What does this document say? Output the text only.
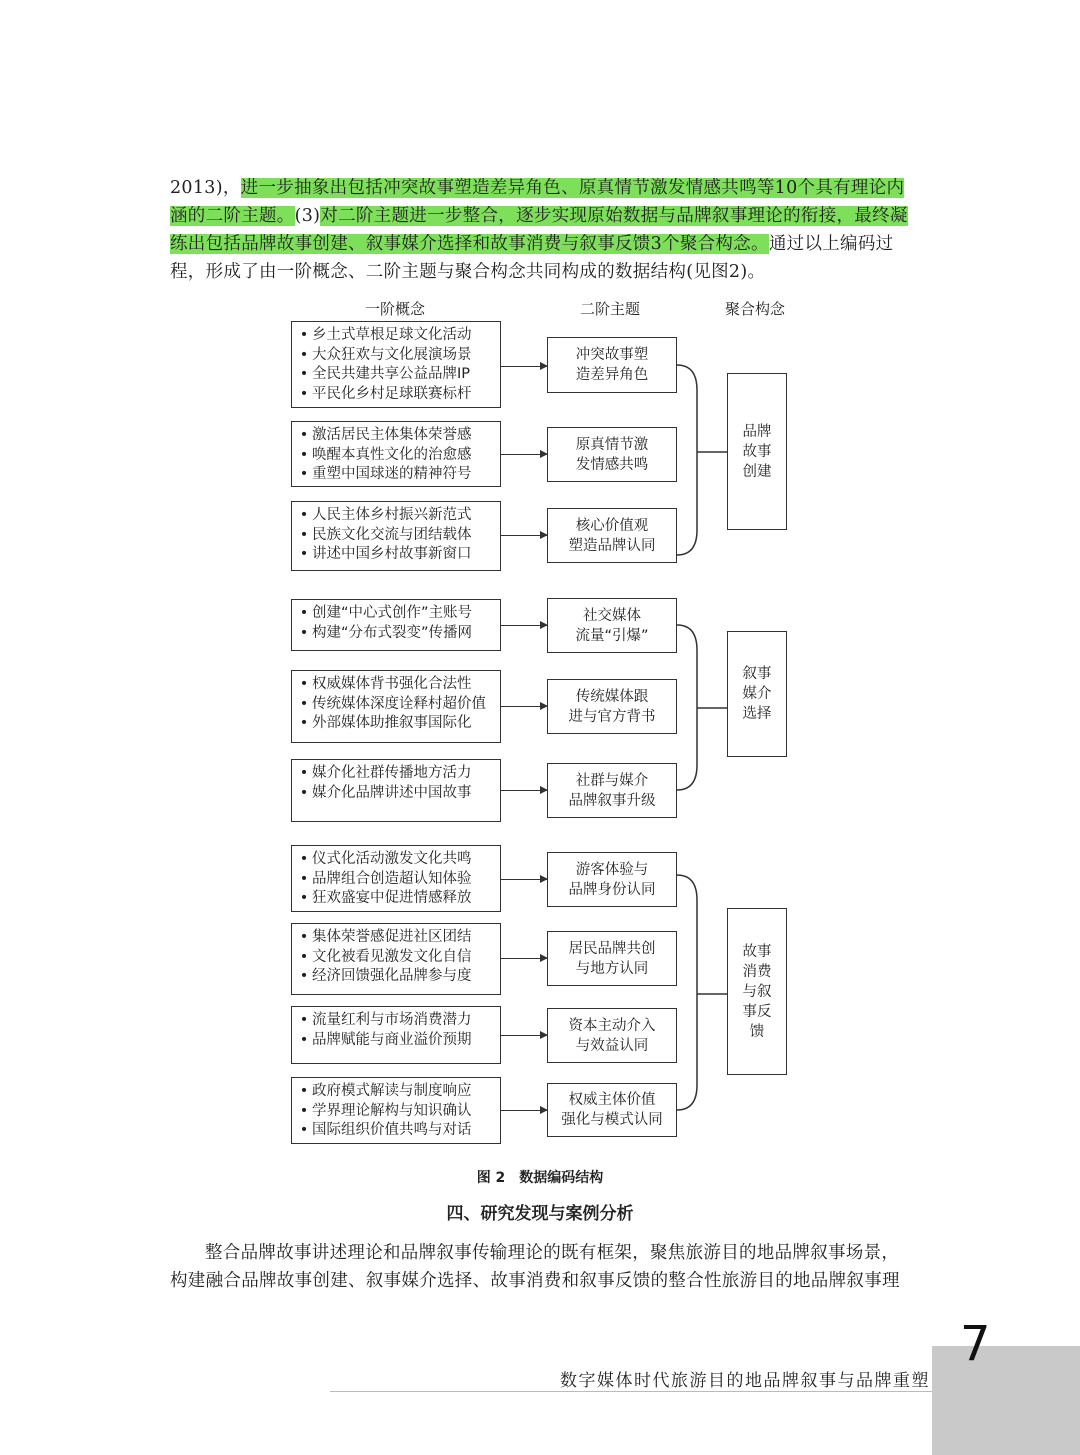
2013)，进一步抽象出包括冲突故事塑造差异角色、原真情节激发情感共鸣等10个具有理论内
涵的二阶主题。(3)对二阶主题进一步整合，逐步实现原始数据与品牌叙事理论的衔接，最终凝
练出包括品牌故事创建、叙事媒介选择和故事消费与叙事反馈3个聚合构念。通过以上编码过
程，形成了由一阶概念、二阶主题与聚合构念共同构成的数据结构(见图2)。
一阶概念	二阶主题	聚合构念
• 乡土式草根足球文化活动
• 大众狂欢与文化展演场景
• 全民共建共享公益品牌IP
• 平民化乡村足球联赛标杆
• 激活居民主体集体荣誉感
• 唤醒本真性文化的治愈感
• 重塑中国球迷的精神符号
• 人民主体乡村振兴新范式
• 民族文化交流与团结载体
• 讲述中国乡村故事新窗口
• 创建“中心式创作”主账号
• 构建“分布式裂变”传播网
• 权威媒体背书强化合法性
• 传统媒体深度诠释村超价值
• 外部媒体助推叙事国际化
• 媒介化社群传播地方活力
• 媒介化品牌讲述中国故事
• 仪式化活动激发文化共鸣
• 品牌组合创造超认知体验
• 狂欢盛宴中促进情感释放
• 集体荣誉感促进社区团结
• 文化被看见激发文化自信
• 经济回馈强化品牌参与度
• 流量红利与市场消费潜力
• 品牌赋能与商业溢价预期
• 政府模式解读与制度响应
• 学界理论解构与知识确认
• 国际组织价值共鸣与对话
冲突故事塑
造差异角色
原真情节激
发情感共鸣
核心价值观
塑造品牌认同
社交媒体
流量“引爆”
传统媒体跟
进与官方背书
社群与媒介
品牌叙事升级
游客体验与
品牌身份认同
居民品牌共创
与地方认同
资本主动介入
与效益认同
权威主体价值
强化与模式认同
品牌故事创建
叙事媒介选择
故事消费与叙事反馈
图 2　数据编码结构
四、研究发现与案例分析
整合品牌故事讲述理论和品牌叙事传输理论的既有框架，聚焦旅游目的地品牌叙事场景，
构建融合品牌故事创建、叙事媒介选择、故事消费和叙事反馈的整合性旅游目的地品牌叙事理
7
数字媒体时代旅游目的地品牌叙事与品牌重塑
